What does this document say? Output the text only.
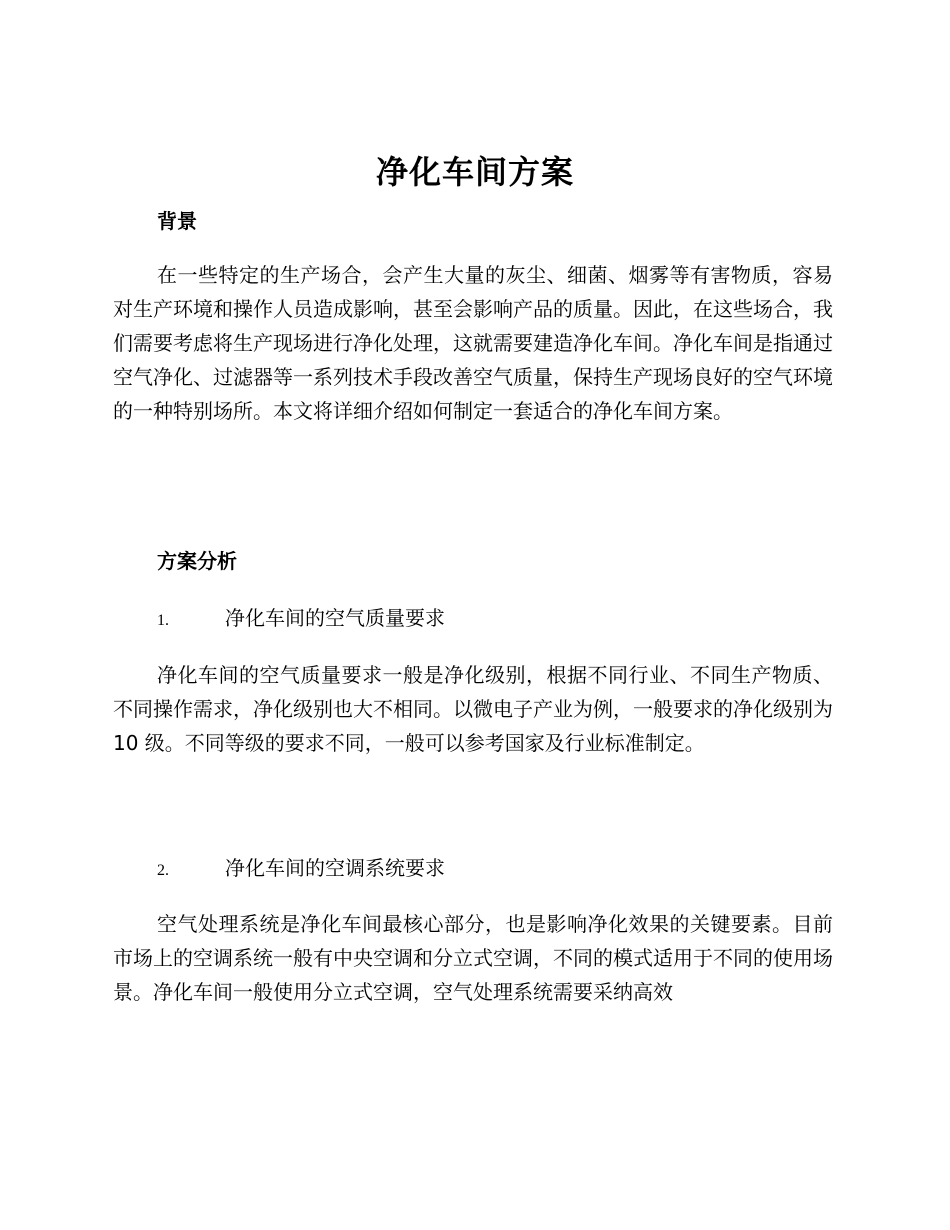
净化车间方案
背景

在一些特定的生产场合，会产生大量的灰尘、细菌、烟雾等有害物质，容易对生产环境和操作人员造成影响，甚至会影响产品的质量。因此，在这些场合，我们需要考虑将生产现场进行净化处理，这就需要建造净化车间。净化车间是指通过空气净化、过滤器等一系列技术手段改善空气质量，保持生产现场良好的空气环境的一种特别场所。本文将详细介绍如何制定一套适合的净化车间方案。

方案分析
1.	净化车间的空气质量要求

净化车间的空气质量要求一般是净化级别，根据不同行业、不同生产物质、不同操作需求，净化级别也大不相同。以微电子产业为例，一般要求的净化级别为 10 级。不同等级的要求不同，一般可以参考国家及行业标准制定。

2.	净化车间的空调系统要求

空气处理系统是净化车间最核心部分，也是影响净化效果的关键要素。目前市场上的空调系统一般有中央空调和分立式空调，不同的模式适用于不同的使用场景。净化车间一般使用分立式空调，空气处理系统需要采纳高效
